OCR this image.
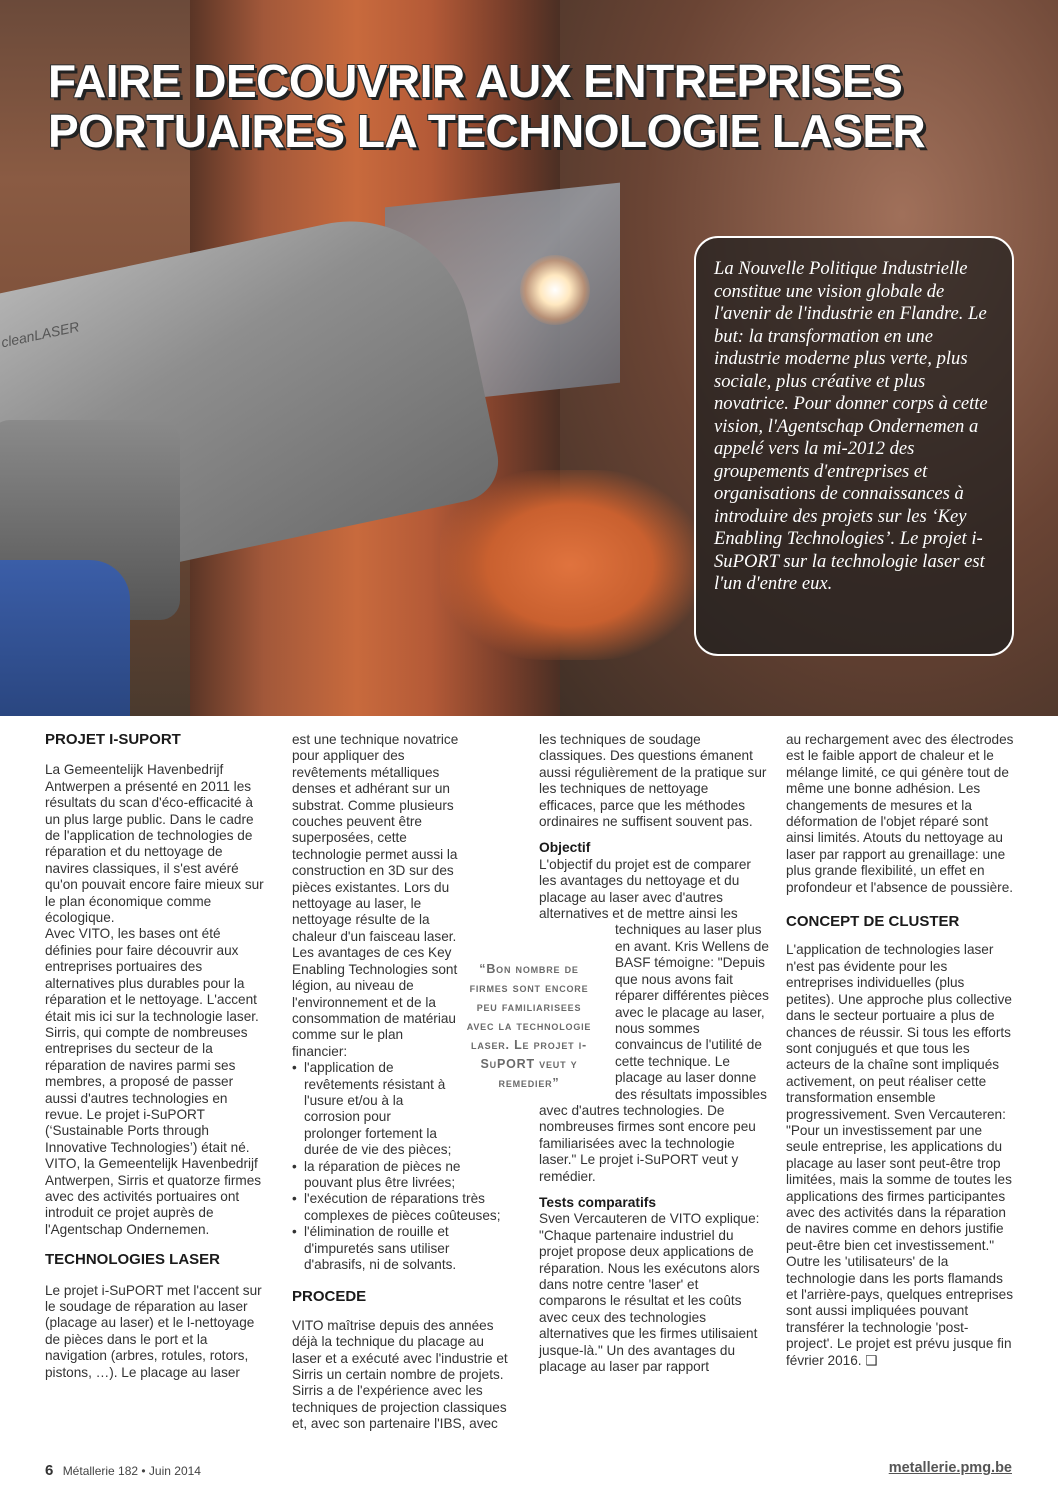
cleanLASER
FAIRE DECOUVRIR AUX ENTREPRISES
PORTUAIRES LA TECHNOLOGIE LASER

La Nouvelle Politique Industrielle constitue une vision globale de l'avenir de l'industrie en Flandre. Le but: la transformation en une industrie moderne plus verte, plus sociale, plus créative et plus novatrice. Pour donner corps à cette vision, l'Agentschap Ondernemen a appelé vers la mi-2012 des groupements d'entreprises et organisations de connaissances à introduire des projets sur les ‘Key Enabling Technologies’. Le projet i-SuPORT sur la technologie laser est l'un d'entre eux.

PROJET I-SUPORT

La Gemeentelijk Havenbedrijf Antwerpen a présenté en 2011 les résultats du scan d'éco-efficacité à un plus large public. Dans le cadre de l'application de technologies de réparation et du nettoyage de navires classiques, il s'est avéré qu'on pouvait encore faire mieux sur le plan économique comme écologique.

Avec VITO, les bases ont été définies pour faire découvrir aux entreprises portuaires des alternatives plus durables pour la réparation et le nettoyage. L'accent était mis ici sur la technologie laser. Sirris, qui compte de nombreuses entreprises du secteur de la réparation de navires parmi ses membres, a proposé de passer aussi d'autres technologies en revue. Le projet i-SuPORT (‘Sustainable Ports through Innovative Technologies’) était né.

VITO, la Gemeentelijk Havenbedrijf Antwerpen, Sirris et quatorze firmes avec des activités portuaires ont introduit ce projet auprès de l'Agentschap Ondernemen.

TECHNOLOGIES LASER

Le projet i-SuPORT met l'accent sur le soudage de réparation au laser (placage au laser) et le l-nettoyage de pièces dans le port et la navigation (arbres, rotules, rotors, pistons, …). Le placage au laser

est une technique novatrice pour appliquer des revêtements métalliques denses et adhérant sur un substrat. Comme plusieurs couches peuvent être superposées, cette technologie permet aussi la construction en 3D sur des pièces existantes. Lors du nettoyage au laser, le nettoyage résulte de la chaleur d'un faisceau laser. Les avantages de ces Key Enabling Technologies sont légion, au niveau de l'environnement et de la consommation de matériau comme sur le plan financier:

• l'application de revêtements résistant à l'usure et/ou à la corrosion pour prolonger fortement la durée de vie des pièces;
• la réparation de pièces ne pouvant plus être livrées;
• l'exécution de réparations très complexes de pièces coûteuses;
• l'élimination de rouille et d'impuretés sans utiliser d'abrasifs, ni de solvants.
PROCEDE

VITO maîtrise depuis des années déjà la technique du placage au laser et a exécuté avec l'industrie et Sirris un certain nombre de projets. Sirris a de l'expérience avec les techniques de projection classiques et, avec son partenaire l'IBS, avec

“Bon nombre de firmes sont encore peu familiarisees avec la technologie laser. Le projet i-SuPORT veut y remedier”

les techniques de soudage classiques. Des questions émanent aussi régulièrement de la pratique sur les techniques de nettoyage efficaces, parce que les méthodes ordinaires ne suffisent souvent pas.

Objectif

L'objectif du projet est de comparer les avantages du nettoyage et du placage au laser avec d'autres alternatives et de mettre ainsi les

techniques au laser plus en avant. Kris Wellens de BASF témoigne: "Depuis que nous avons fait réparer différentes pièces avec le placage au laser, nous sommes convaincus de l'utilité de cette technique. Le placage au laser donne des résultats impossibles

avec d'autres technologies. De nombreuses firmes sont encore peu familiarisées avec la technologie laser." Le projet i-SuPORT veut y remédier.

Tests comparatifs

Sven Vercauteren de VITO explique: "Chaque partenaire industriel du projet propose deux applications de réparation. Nous les exécutons alors dans notre centre 'laser' et comparons le résultat et les coûts avec ceux des technologies alternatives que les firmes utilisaient jusque-là." Un des avantages du placage au laser par rapport

au rechargement avec des électrodes est le faible apport de chaleur et le mélange limité, ce qui génère tout de même une bonne adhésion. Les changements de mesures et la déformation de l'objet réparé sont ainsi limités. Atouts du nettoyage au laser par rapport au grenaillage: une plus grande flexibilité, un effet en profondeur et l'absence de poussière.

CONCEPT DE CLUSTER

L'application de technologies laser n'est pas évidente pour les entreprises individuelles (plus petites). Une approche plus collective dans le secteur portuaire a plus de chances de réussir. Si tous les efforts sont conjugués et que tous les acteurs de la chaîne sont impliqués activement, on peut réaliser cette transformation ensemble progressivement. Sven Vercauteren: "Pour un investissement par une seule entreprise, les applications du placage au laser sont peut-être trop limitées, mais la somme de toutes les applications des firmes participantes avec des activités dans la réparation de navires comme en dehors justifie peut-être bien cet investissement." Outre les 'utilisateurs' de la technologie dans les ports flamands et l'arrière-pays, quelques entreprises sont aussi impliquées pouvant transférer la technologie 'post-project'. Le projet est prévu jusque fin février 2016. ❑

6 Métallerie 182 • Juin 2014	metallerie.pmg.be
